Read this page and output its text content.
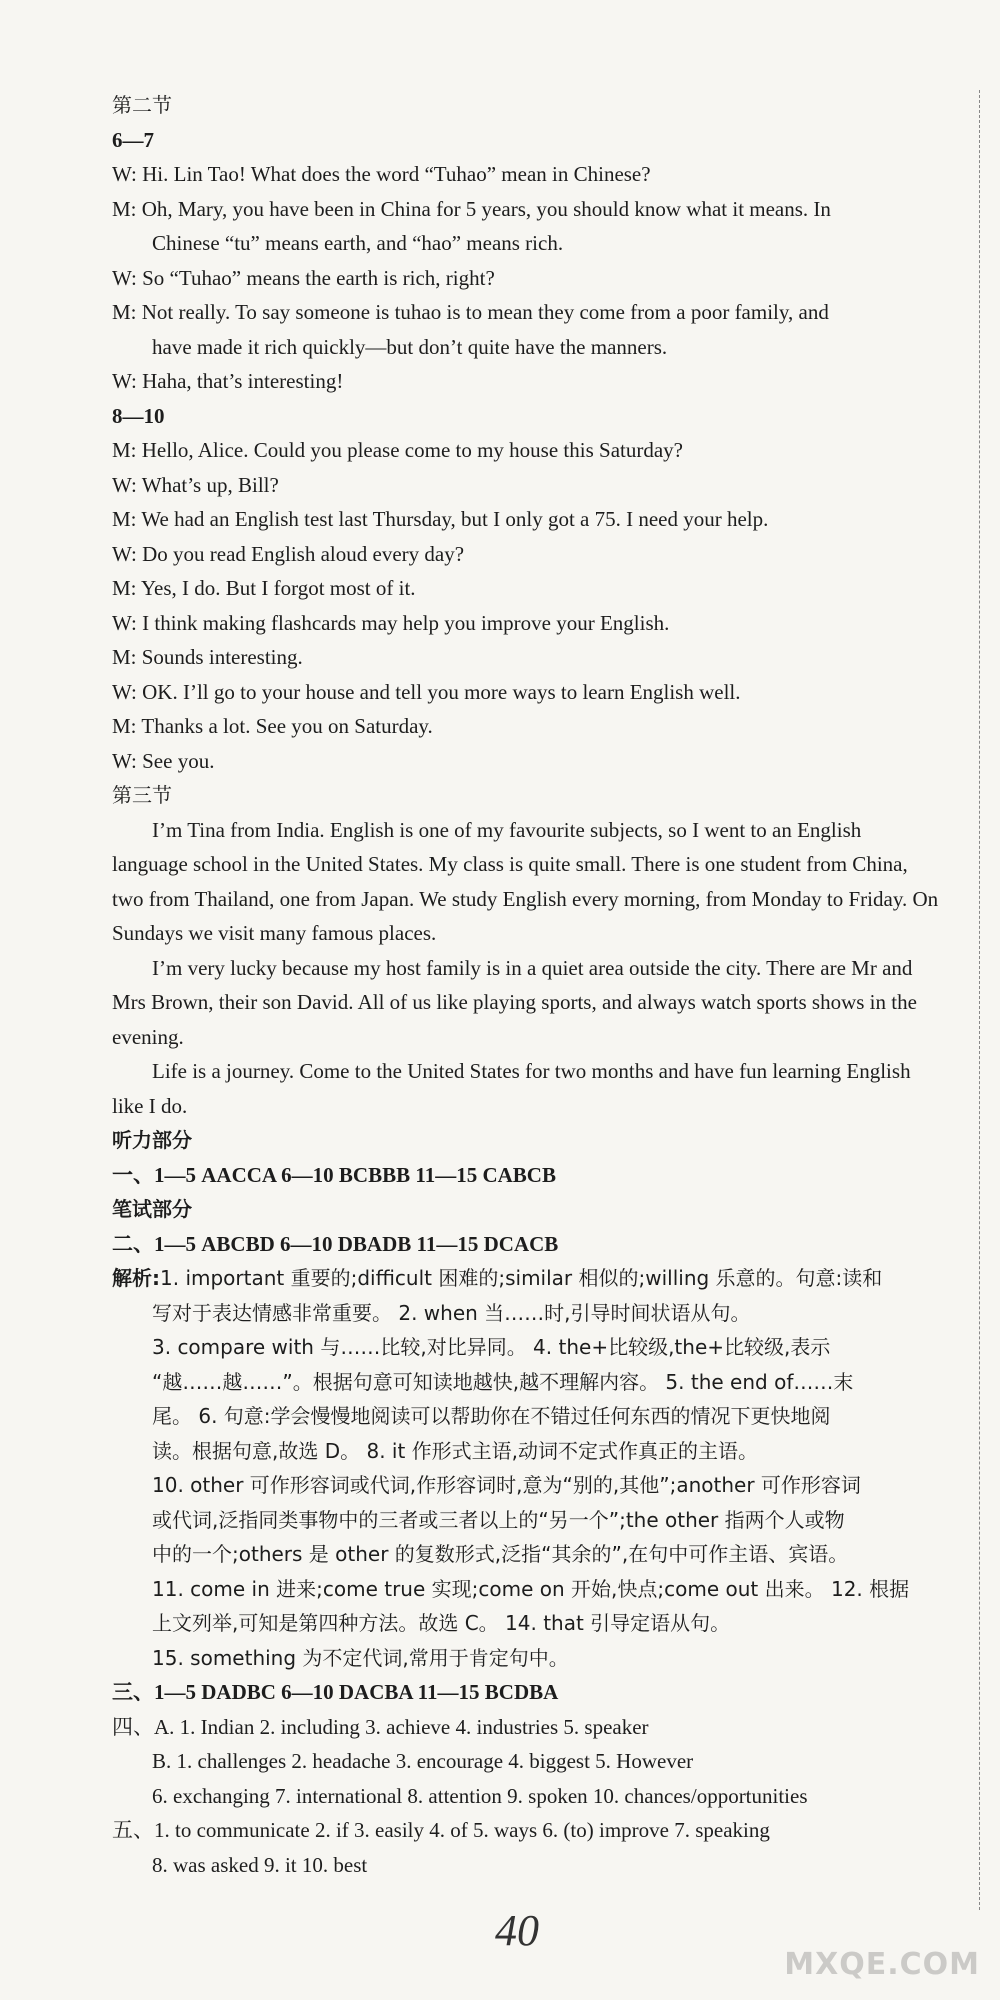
第二节
6—7
W: Hi. Lin Tao! What does the word “Tuhao” mean in Chinese?
M: Oh, Mary, you have been in China for 5 years, you should know what it means. In
Chinese “tu” means earth, and “hao” means rich.
W: So “Tuhao” means the earth is rich, right?
M: Not really. To say someone is tuhao is to mean they come from a poor family, and
have made it rich quickly—but don’t quite have the manners.
W: Haha, that’s interesting!
8—10
M: Hello, Alice. Could you please come to my house this Saturday?
W: What’s up, Bill?
M: We had an English test last Thursday, but I only got a 75. I need your help.
W: Do you read English aloud every day?
M: Yes, I do. But I forgot most of it.
W: I think making flashcards may help you improve your English.
M: Sounds interesting.
W: OK. I’ll go to your house and tell you more ways to learn English well.
M: Thanks a lot. See you on Saturday.
W: See you.
第三节
I’m Tina from India. English is one of my favourite subjects, so I went to an English language school in the United States. My class is quite small. There is one student from China, two from Thailand, one from Japan. We study English every morning, from Monday to Friday. On Sundays we visit many famous places.
I’m very lucky because my host family is in a quiet area outside the city. There are Mr and Mrs Brown, their son David. All of us like playing sports, and always watch sports shows in the evening.
Life is a journey. Come to the United States for two months and have fun learning English like I do.
听力部分
一、1—5 AACCA 6—10 BCBBB 11—15 CABCB
笔试部分
二、1—5 ABCBD 6—10 DBADB 11—15 DCACB
解析:1. important 重要的;difficult 困难的;similar 相似的;willing 乐意的。句意:读和
写对于表达情感非常重要。 2. when 当……时,引导时间状语从句。
3. compare with 与……比较,对比异同。 4. the+比较级,the+比较级,表示
“越……越……”。根据句意可知读地越快,越不理解内容。 5. the end of……末
尾。 6. 句意:学会慢慢地阅读可以帮助你在不错过任何东西的情况下更快地阅
读。根据句意,故选 D。 8. it 作形式主语,动词不定式作真正的主语。
10. other 可作形容词或代词,作形容词时,意为“别的,其他”;another 可作形容词
或代词,泛指同类事物中的三者或三者以上的“另一个”;the other 指两个人或物
中的一个;others 是 other 的复数形式,泛指“其余的”,在句中可作主语、宾语。
11. come in 进来;come true 实现;come on 开始,快点;come out 出来。 12. 根据
上文列举,可知是第四种方法。故选 C。 14. that 引导定语从句。
15. something 为不定代词,常用于肯定句中。
三、1—5 DADBC 6—10 DACBA 11—15 BCDBA
四、A. 1. Indian 2. including 3. achieve 4. industries 5. speaker
B. 1. challenges 2. headache 3. encourage 4. biggest 5. However
6. exchanging 7. international 8. attention 9. spoken 10. chances/opportunities
五、1. to communicate 2. if 3. easily 4. of 5. ways 6. (to) improve 7. speaking
8. was asked 9. it 10. best
40
MXQE.COM
